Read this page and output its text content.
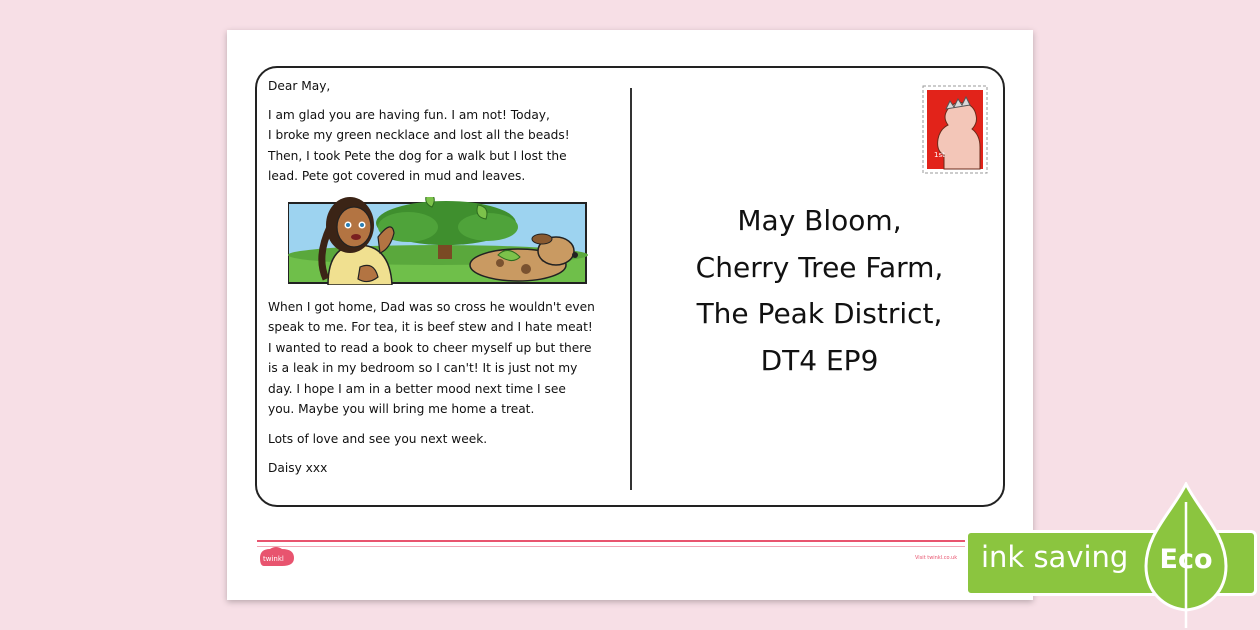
Dear May,

I am glad you are having fun. I am not! Today,

I broke my green necklace and lost all the beads!

Then, I took Pete the dog for a walk but I lost the

lead. Pete got covered in mud and leaves.

When I got home, Dad was so cross he wouldn't even

speak to me. For tea, it is beef stew and I hate meat!

I wanted to read a book to cheer myself up but there

is a leak in my bedroom so I can't! It is just not my

day. I hope I am in a better mood next time I see

you. Maybe you will bring me home a treat.

Lots of love and see you next week.

Daisy xxx

1st
May Bloom,
Cherry Tree Farm,
The Peak District,
DT4 EP9
twinkl	Visit twinkl.co.uk ink saving	Eco
